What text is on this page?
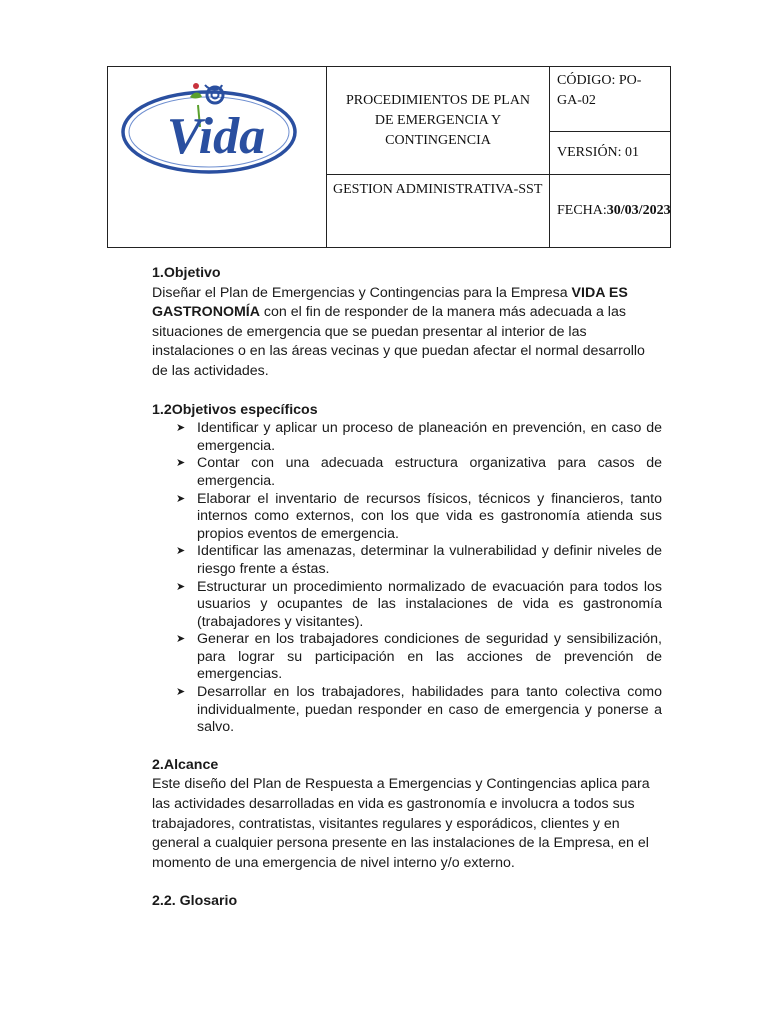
Vida	PROCEDIMIENTOS DE PLAN DE EMERGENCIA Y CONTINGENCIA	CÓDIGO: PO-GA-02
		VERSIÓN: 01
	GESTION ADMINISTRATIVA-SST	FECHA:30/03/2023

1.Objetivo

Diseñar el Plan de Emergencias y Contingencias para la Empresa VIDA ES GASTRONOMÍA con el fin de responder de la manera más adecuada a las situaciones de emergencia que se puedan presentar al interior de las instalaciones o en las áreas vecinas y que puedan afectar el normal desarrollo de las actividades.

1.2Objetivos específicos

➤ Identificar y aplicar un proceso de planeación en prevención, en caso de emergencia.
➤ Contar con una adecuada estructura organizativa para casos de emergencia.
➤ Elaborar el inventario de recursos físicos, técnicos y financieros, tanto internos como externos, con los que vida es gastronomía atienda sus propios eventos de emergencia.
➤ Identificar las amenazas, determinar la vulnerabilidad y definir niveles de riesgo frente a éstas.
➤ Estructurar un procedimiento normalizado de evacuación para todos los usuarios y ocupantes de las instalaciones de vida es gastronomía (trabajadores y visitantes).
➤ Generar en los trabajadores condiciones de seguridad y sensibilización, para lograr su participación en las acciones de prevención de emergencias.
➤ Desarrollar en los trabajadores, habilidades para tanto colectiva como individualmente, puedan responder en caso de emergencia y ponerse a salvo.

2.Alcance

Este diseño del Plan de Respuesta a Emergencias y Contingencias aplica para las actividades desarrolladas en vida es gastronomía e involucra a todos sus trabajadores, contratistas, visitantes regulares y esporádicos, clientes y en general a cualquier persona presente en las instalaciones de la Empresa, en el momento de una emergencia de nivel interno y/o externo.

2.2. Glosario
